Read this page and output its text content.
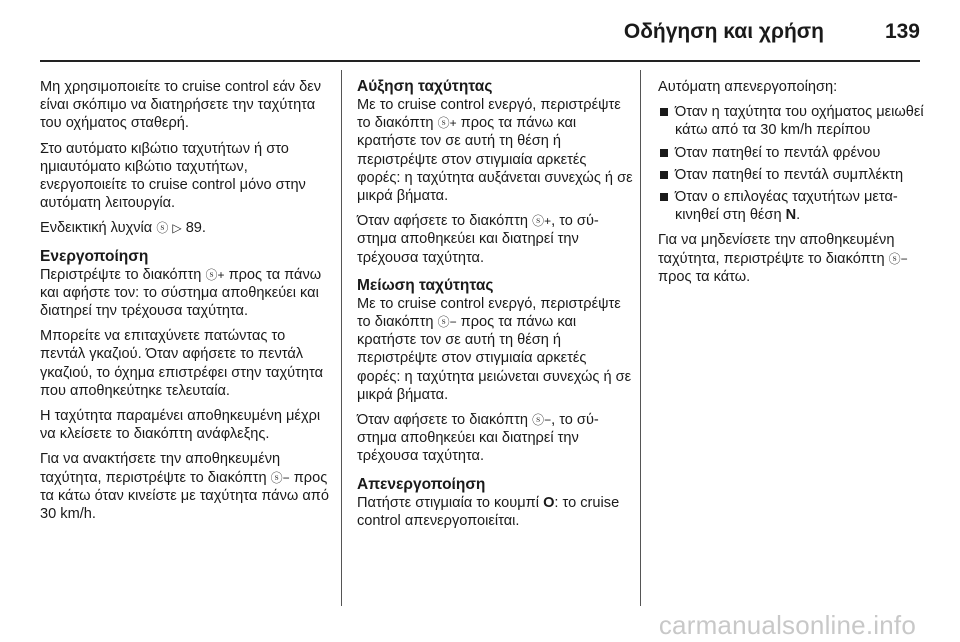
Οδήγηση και χρήση	139

Μη χρησιμοποιείτε το cruise control εάν δεν είναι σκόπιμο να διατηρήσετε την ταχύτητα του οχήματος σταθερή.

Στο αυτόματο κιβώτιο ταχυτήτων ή στο ημιαυτόματο κιβώτιο ταχυτήτων, ενεργοποιείτε το cruise control μόνο στην αυτόματη λειτουργία.

Ενδεικτική λυχνία ⓢ ▷ 89.

Ενεργοποίηση

Περιστρέψτε το διακόπτη ⓢ+ προς τα πάνω και αφήστε τον: το σύστημα αποθηκεύει και διατηρεί την τρέχουσα ταχύτητα.

Μπορείτε να επιταχύνετε πατώντας το πεντάλ γκαζιού. Όταν αφήσετε το πεντάλ γκαζιού, το όχημα επιστρέφει στην ταχύτητα που αποθηκεύτηκε τελευταία.

Η ταχύτητα παραμένει αποθηκευμένη μέχρι να κλείσετε το διακόπτη ανάφλεξης.

Για να ανακτήσετε την αποθηκευμένη ταχύτητα, περιστρέψτε το διακόπτη ⓢ− προς τα κάτω όταν κινείστε με ταχύτητα πάνω από 30 km/h.

Αύξηση ταχύτητας

Με το cruise control ενεργό, περιστρέψτε το διακόπτη ⓢ+ προς τα πάνω και κρατήστε τον σε αυτή τη θέση ή περιστρέψτε στον στιγμιαία αρκετές φορές: η ταχύτητα αυξάνεται συνεχώς ή σε μικρά βήματα.

Όταν αφήσετε το διακόπτη ⓢ+, το σύστημα αποθηκεύει και διατηρεί την τρέχουσα ταχύτητα.

Μείωση ταχύτητας

Με το cruise control ενεργό, περιστρέψτε το διακόπτη ⓢ− προς τα πάνω και κρατήστε τον σε αυτή τη θέση ή περιστρέψτε στον στιγμιαία αρκετές φορές: η ταχύτητα μειώνεται συνεχώς ή σε μικρά βήματα.

Όταν αφήσετε το διακόπτη ⓢ−, το σύστημα αποθηκεύει και διατηρεί την τρέχουσα ταχύτητα.

Απενεργοποίηση

Πατήστε στιγμιαία το κουμπί O: το cruise control απενεργοποιείται.

Αυτόματη απενεργοποίηση:

Όταν η ταχύτητα του οχήματος μειωθεί κάτω από τα 30 km/h περίπου
Όταν πατηθεί το πεντάλ φρένου
Όταν πατηθεί το πεντάλ συμπλέκτη
Όταν ο επιλογέας ταχυτήτων μετακινηθεί στη θέση N.

Για να μηδενίσετε την αποθηκευμένη ταχύτητα, περιστρέψτε το διακόπτη ⓢ− προς τα κάτω.

carmanualsonline.info
